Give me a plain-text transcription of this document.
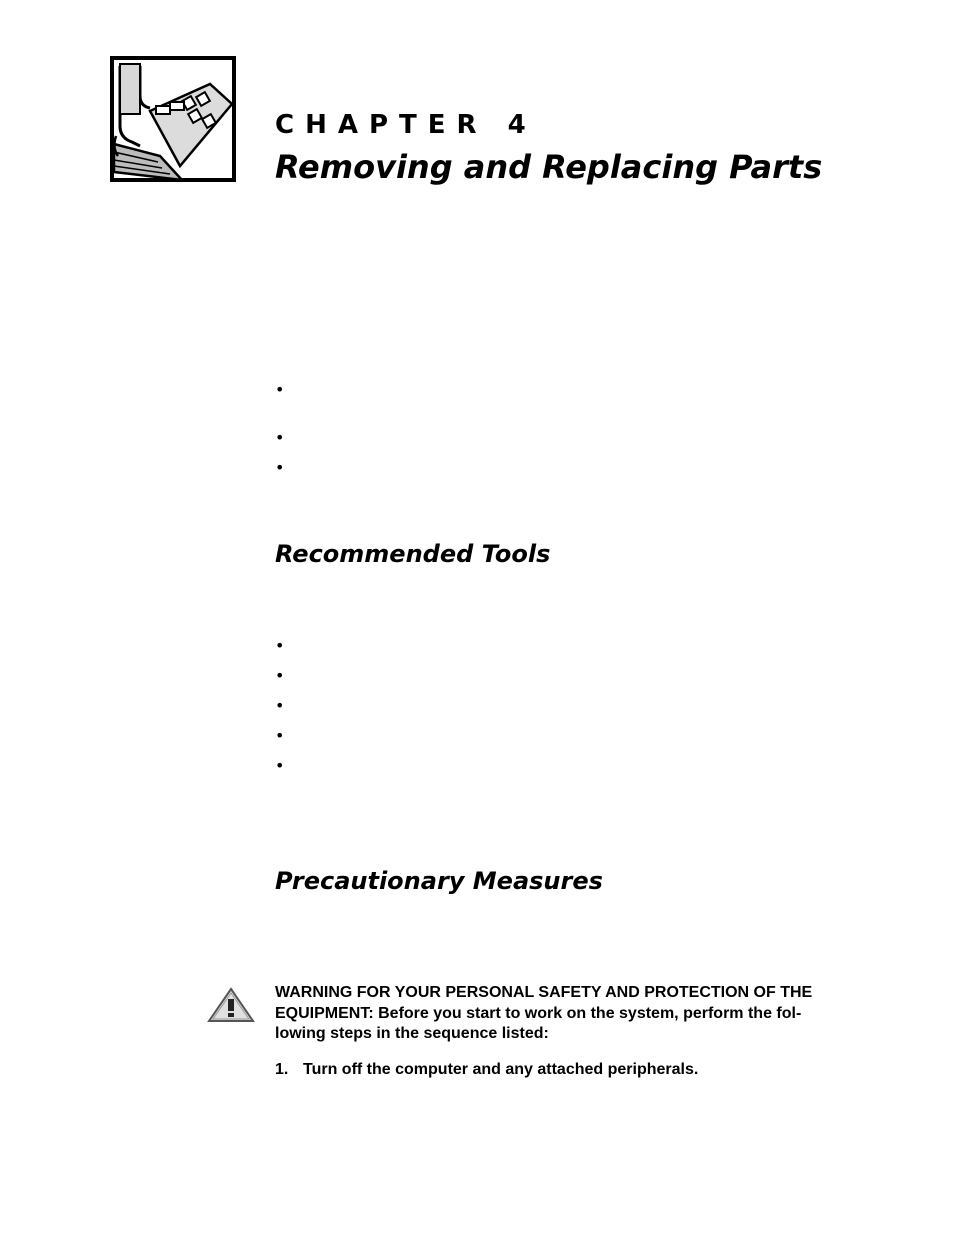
CHAPTER 4
Removing and Replacing Parts
•
•
•
Recommended Tools
•
•
•
•
•
Precautionary Measures
WARNING FOR YOUR PERSONAL SAFETY AND PROTECTION OF THE
EQUIPMENT: Before you start to work on the system, perform the fol-
lowing steps in the sequence listed:
1. Turn off the computer and any attached peripherals.
